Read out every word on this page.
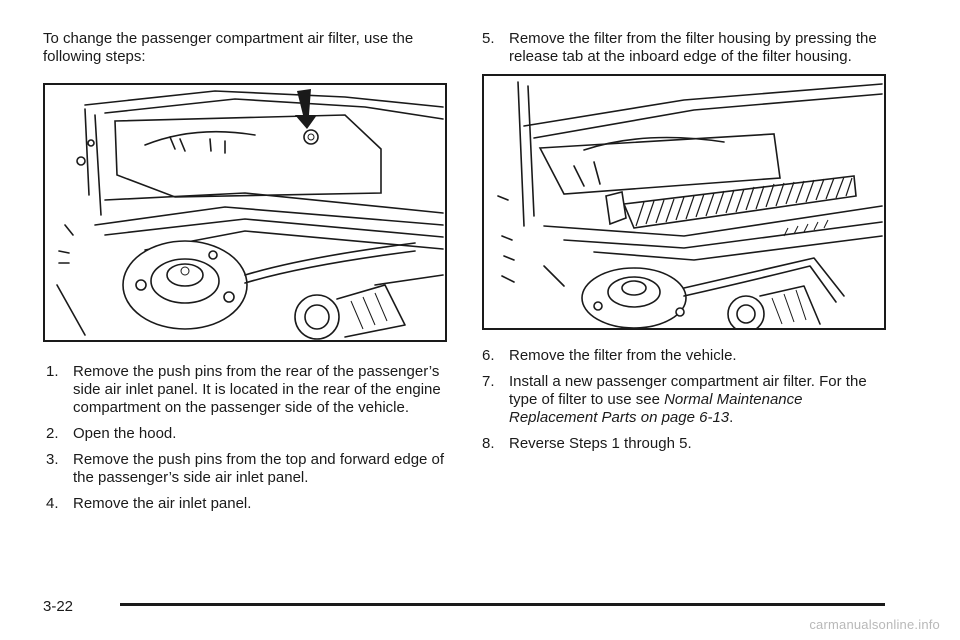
To change the passenger compartment air filter, use the following steps:

1. Remove the push pins from the rear of the passenger’s side air inlet panel. It is located in the rear of the engine compartment on the passenger side of the vehicle.
2. Open the hood.
3. Remove the push pins from the top and forward edge of the passenger’s side air inlet panel.
4. Remove the air inlet panel.
5. Remove the filter from the filter housing by pressing the release tab at the inboard edge of the filter housing.
6. Remove the filter from the vehicle.
7. Install a new passenger compartment air filter. For the type of filter to use see Normal Maintenance Replacement Parts on page 6-13.
8. Reverse Steps 1 through 5.
3-22
carmanualsonline.info
